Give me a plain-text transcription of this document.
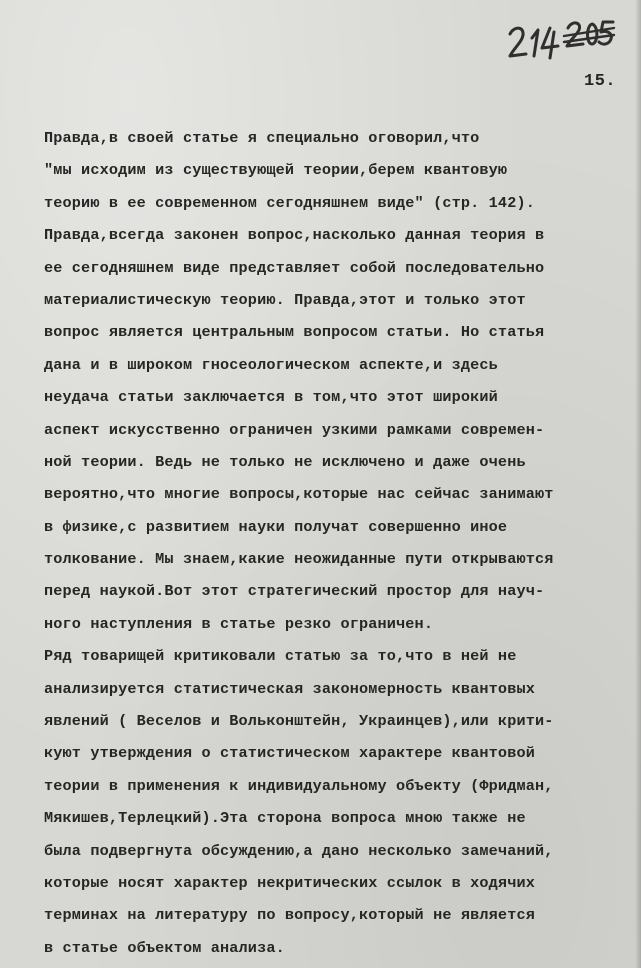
15.
Правда,в своей статье я специально оговорил,что
"мы исходим из существующей теории,берем квантовую
теорию в ее современном сегодняшнем виде" (стр. 142).
Правда,всегда законен вопрос,насколько данная теория в
ее сегодняшнем виде представляет собой последовательно
материалистическую теорию. Правда,этот и только этот
вопрос является центральным вопросом статьи. Но статья
дана и в широком гносеологическом аспекте,и здесь
неудача статьи заключается в том,что этот широкий
аспект искусственно ограничен узкими рамками современ-
ной теории. Ведь не только не исключено и даже очень
вероятно,что многие вопросы,которые нас сейчас занимают
в физике,с развитием науки получат совершенно иное
толкование. Мы знаем,какие неожиданные пути открываются
перед наукой.Вот этот стратегический простор для науч-
ного наступления в статье резко ограничен.
Ряд товарищей критиковали статью за то,что в ней не
анализируется статистическая закономерность квантовых
явлений ( Веселов и Вольконштейн, Украинцев),или крити-
куют утверждения о статистическом характере квантовой
теории в применения к индивидуальному объекту (Фридман,
Мякишев,Терлецкий).Эта сторона вопроса мною также не
была подвергнута обсуждению,а дано несколько замечаний,
которые носят характер некритических ссылок в ходячих
терминах на литературу по вопросу,который не является
в статье объектом анализа.
